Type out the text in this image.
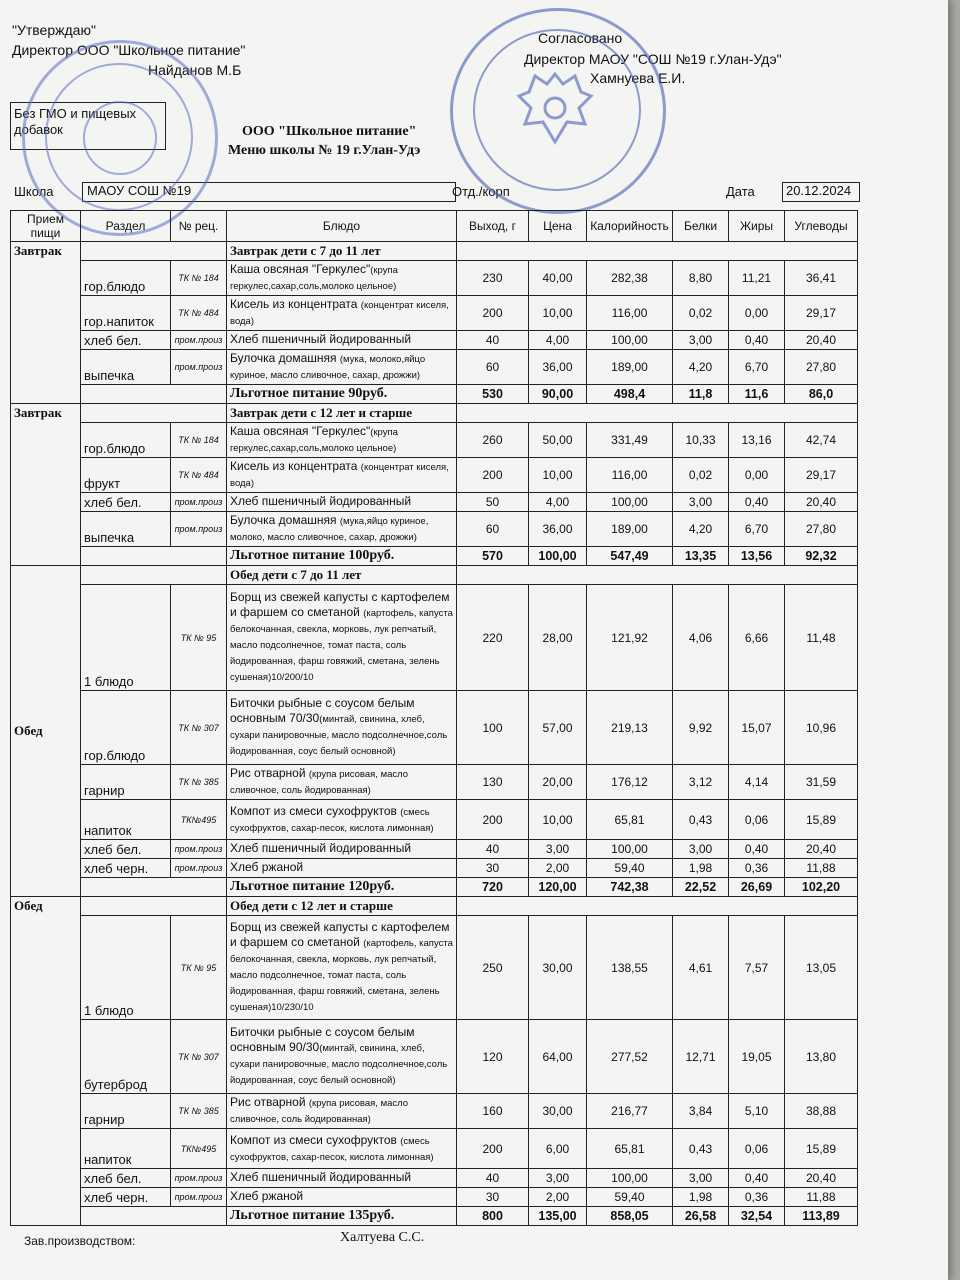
"Утверждаю"
Директор ООО "Школьное питание"
Найданов М.Б
Согласовано
Директор МАОУ "СОШ №19 г.Улан-Удэ"
Хамнуева Е.И.
Без ГМО и пищевых добавок	ООО "Школьное питание"
Меню школы № 19 г.Улан-Удэ
Школа	МАОУ СОШ №19	Отд./корп	Дата	20.12.2024
Прием пищи	Раздел	№ рец.	Блюдо	Выход, г	Цена	Калорийность	Белки	Жиры	Углеводы
Завтрак			Завтрак дети с 7 до 11 лет						
	гор.блюдо	ТК № 184	Каша овсяная "Геркулес"(крупа геркулес,сахар,соль,молоко цельное)	230	40,00	282,38	8,80	11,21	36,41
	гор.напиток	ТК № 484	Кисель из концентрата (концентрат киселя, вода)	200	10,00	116,00	0,02	0,00	29,17
	хлеб бел.	пром.произ	Хлеб пшеничный йодированный	40	4,00	100,00	3,00	0,40	20,40
	выпечка	пром.произ	Булочка домашняя (мука, молоко,яйцо куриное, масло сливочное, сахар, дрожжи)	60	36,00	189,00	4,20	6,70	27,80
			Льготное питание 90руб.	530	90,00	498,4	11,8	11,6	86,0
Завтрак			Завтрак дети с 12 лет и старше						
	гор.блюдо	ТК № 184	Каша овсяная "Геркулес"(крупа геркулес,сахар,соль,молоко цельное)	260	50,00	331,49	10,33	13,16	42,74
	фрукт	ТК № 484	Кисель из концентрата (концентрат киселя, вода)	200	10,00	116,00	0,02	0,00	29,17
	хлеб бел.	пром.произ	Хлеб пшеничный йодированный	50	4,00	100,00	3,00	0,40	20,40
	выпечка	пром.произ	Булочка домашняя (мука,яйцо куриное, молоко, масло сливочное, сахар, дрожжи)	60	36,00	189,00	4,20	6,70	27,80
			Льготное питание 100руб.	570	100,00	547,49	13,35	13,56	92,32
Обед			Обед дети с 7 до 11 лет						
	1 блюдо	ТК № 95	Борщ из свежей капусты с картофелем и фаршем со сметаной (картофель, капуста белокочанная, свекла, морковь, лук репчатый, масло подсолнечное, томат паста, соль йодированная, фарш говяжий, сметана, зелень сушеная)10/200/10	220	28,00	121,92	4,06	6,66	11,48
	гор.блюдо	ТК № 307	Биточки рыбные с соусом белым основным 70/30(минтай, свинина, хлеб, сухари панировочные, масло подсолнечное,соль йодированная, соус белый основной)	100	57,00	219,13	9,92	15,07	10,96
	гарнир	ТК № 385	Рис отварной (крупа рисовая, масло сливочное, соль йодированная)	130	20,00	176,12	3,12	4,14	31,59
	напиток	ТК№495	Компот из смеси сухофруктов (смесь сухофруктов, сахар-песок, кислота лимонная)	200	10,00	65,81	0,43	0,06	15,89
	хлеб бел.	пром.произ	Хлеб пшеничный йодированный	40	3,00	100,00	3,00	0,40	20,40
	хлеб черн.	пром.произ	Хлеб ржаной	30	2,00	59,40	1,98	0,36	11,88
			Льготное питание 120руб.	720	120,00	742,38	22,52	26,69	102,20
Обед			Обед дети с 12 лет и старше						
	1 блюдо	ТК № 95	Борщ из свежей капусты с картофелем и фаршем со сметаной (картофель, капуста белокочанная, свекла, морковь, лук репчатый, масло подсолнечное, томат паста, соль йодированная, фарш говяжий, сметана, зелень сушеная)10/230/10	250	30,00	138,55	4,61	7,57	13,05
	бутерброд	ТК № 307	Биточки рыбные с соусом белым основным 90/30(минтай, свинина, хлеб, сухари панировочные, масло подсолнечное,соль йодированная, соус белый основной)	120	64,00	277,52	12,71	19,05	13,80
	гарнир	ТК № 385	Рис отварной (крупа рисовая, масло сливочное, соль йодированная)	160	30,00	216,77	3,84	5,10	38,88
	напиток	ТК№495	Компот из смеси сухофруктов (смесь сухофруктов, сахар-песок, кислота лимонная)	200	6,00	65,81	0,43	0,06	15,89
	хлеб бел.	пром.произ	Хлеб пшеничный йодированный	40	3,00	100,00	3,00	0,40	20,40
	хлеб черн.	пром.произ	Хлеб ржаной	30	2,00	59,40	1,98	0,36	11,88
			Льготное питание 135руб.	800	135,00	858,05	26,58	32,54	113,89
Зав.производством:	Халтуева С.С.
